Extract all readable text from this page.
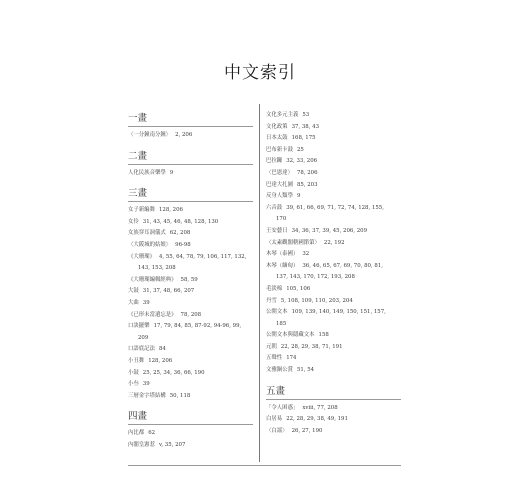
中文索引
一畫
〈一分鐘南分鐘〉 2, 206
二畫
人化民族音樂學 9
三畫
女子新編舞 128, 206
女伶 31, 43, 45, 46, 48, 128, 130
女族穿耳洞儀式 62, 208
〈大阪城的姑娘〉 96-98
《大珊瑚》 4, 55, 64, 78, 79, 106, 117, 132,
143, 153, 208
《大珊瑚編輯經典》 58, 59
大鼓 31, 37, 48, 66, 207
大曲 39
《已形未當遺忘是》 78, 208
口訣擺樂 17, 79, 84, 85, 87-92, 94-96, 99,
209
口語底記法 84
小丑舞 128, 206
小鼓 25, 25, 34, 36, 66, 190
小叁 39
三層金字塔結構 50, 118
四畫
內比都 62
內閣皇憲惹 v, 35, 207
文化多元主義 53
文化政策 37, 38, 43
日本太鼓 168, 175
巴布新卡鼓 25
巴拉鑼 32, 33, 206
〈巴恩達〉 78, 206
巴達大扎圖 85, 203
反身人類學 9
六音鼓 39, 61, 66, 69, 71, 72, 74, 128, 155,
170
王安藝日 34, 36, 37, 39, 45, 206, 209
〈太素觀閣轄國節第〉 22, 192
木琴（泰國） 32
木琴（緬甸） 36, 46, 65, 67, 69, 70, 80, 81,
137, 143, 170, 172, 193, 208
毛淡棉 105, 106
丹雪 5, 108, 109, 110, 203, 204
公開文本 109, 139, 140, 149, 150, 151, 157,
185
公開文本與隱藏文本 158
元朝 22, 28, 29, 38, 71, 191
五聲性 174
文雅銅公賞 51, 54
五畫
「令人困惑」 xviii, 77, 208
白居易 22, 28, 29, 38, 49, 191
〈白謡〉 26, 27, 190
